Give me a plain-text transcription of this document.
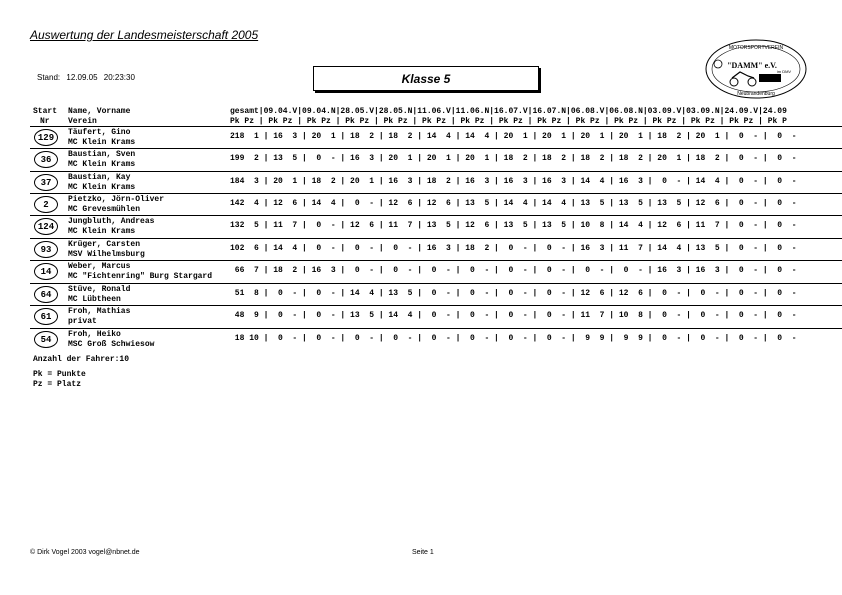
Auswertung der Landesmeisterschaft 2005
Stand: 12.09.05 20:23:30	Klasse 5
MOTORSPORTVEREIN
"DAMM" e.V.
im DMV
Neubrandenburg
Start
Nr
Name, Vorname
Verein
gesamt|09.04.V|09.04.N|28.05.V|28.05.N|11.06.V|11.06.N|16.07.V|16.07.N|06.08.V|06.08.N|03.09.V|03.09.N|24.09.V|24.09
Pk Pz | Pk Pz | Pk Pz | Pk Pz | Pk Pz | Pk Pz | Pk Pz | Pk Pz | Pk Pz | Pk Pz | Pk Pz | Pk Pz | Pk Pz | Pk Pz | Pk P
129	Täufert, Gino
MC Klein Krams
218  1 | 16  3 | 20  1 | 18  2 | 18  2 | 14  4 | 14  4 | 20  1 | 20  1 | 20  1 | 20  1 | 18  2 | 20  1 |  0  - |  0  -
36	Baustian, Sven
MC Klein Krams
199  2 | 13  5 |  0  - | 16  3 | 20  1 | 20  1 | 20  1 | 18  2 | 18  2 | 18  2 | 18  2 | 20  1 | 18  2 |  0  - |  0  -
37	Baustian, Kay
MC Klein Krams
184  3 | 20  1 | 18  2 | 20  1 | 16  3 | 18  2 | 16  3 | 16  3 | 16  3 | 14  4 | 16  3 |  0  - | 14  4 |  0  - |  0  -
2	Pietzko, Jörn-Oliver
MC Grevesmühlen
142  4 | 12  6 | 14  4 |  0  - | 12  6 | 12  6 | 13  5 | 14  4 | 14  4 | 13  5 | 13  5 | 13  5 | 12  6 |  0  - |  0  -
124	Jungbluth, Andreas
MC Klein Krams
132  5 | 11  7 |  0  - | 12  6 | 11  7 | 13  5 | 12  6 | 13  5 | 13  5 | 10  8 | 14  4 | 12  6 | 11  7 |  0  - |  0  -
93	Krüger, Carsten
MSV Wilhelmsburg
102  6 | 14  4 |  0  - |  0  - |  0  - | 16  3 | 18  2 |  0  - |  0  - | 16  3 | 11  7 | 14  4 | 13  5 |  0  - |  0  -
14	Weber, Marcus
MC "Fichtenring" Burg Stargard
66  7 | 18  2 | 16  3 |  0  - |  0  - |  0  - |  0  - |  0  - |  0  - |  0  - |  0  - | 16  3 | 16  3 |  0  - |  0  -
64	Stüve, Ronald
MC Lübtheen
51  8 |  0  - |  0  - | 14  4 | 13  5 |  0  - |  0  - |  0  - |  0  - | 12  6 | 12  6 |  0  - |  0  - |  0  - |  0  -
61	Froh, Mathias
privat
48  9 |  0  - |  0  - | 13  5 | 14  4 |  0  - |  0  - |  0  - |  0  - | 11  7 | 10  8 |  0  - |  0  - |  0  - |  0  -
54	Froh, Heiko
MSC Groß Schwiesow
18 10 |  0  - |  0  - |  0  - |  0  - |  0  - |  0  - |  0  - |  0  - |  9  9 |  9  9 |  0  - |  0  - |  0  - |  0  -
Anzahl der Fahrer:10
Pk = Punkte
Pz = Platz
© Dirk Vogel 2003 vogel@nbnet.de	Seite 1
